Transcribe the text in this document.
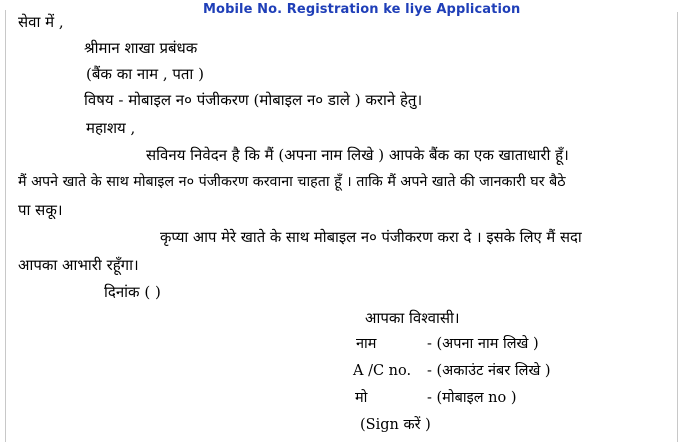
Mobile No. Registration ke liye Application
सेवा में ,
श्रीमान शाखा प्रबंधक
(बैंक का नाम , पता )
विषय - मोबाइल न० पंजीकरण (मोबाइल न० डाले ) कराने हेतु।
महाशय ,
सविनय निवेदन है कि मैं (अपना नाम लिखे ) आपके बैंक का एक खाताधारी हूँ।
मैं अपने खाते के साथ मोबाइल न० पंजीकरण करवाना चाहता हूँ । ताकि मैं अपने खाते की जानकारी घर बैठे
पा सकू।
कृप्या आप मेरे खाते के साथ मोबाइल न० पंजीकरण करा दे । इसके लिए मैं सदा
आपका आभारी रहूँगा।
दिनांक ( )
आपका विश्वासी।
नाम	- (अपना नाम लिखे )
A /C no. - (अकाउंट नंबर लिखे )
मो	- (मोबाइल no )
(Sign करें )
